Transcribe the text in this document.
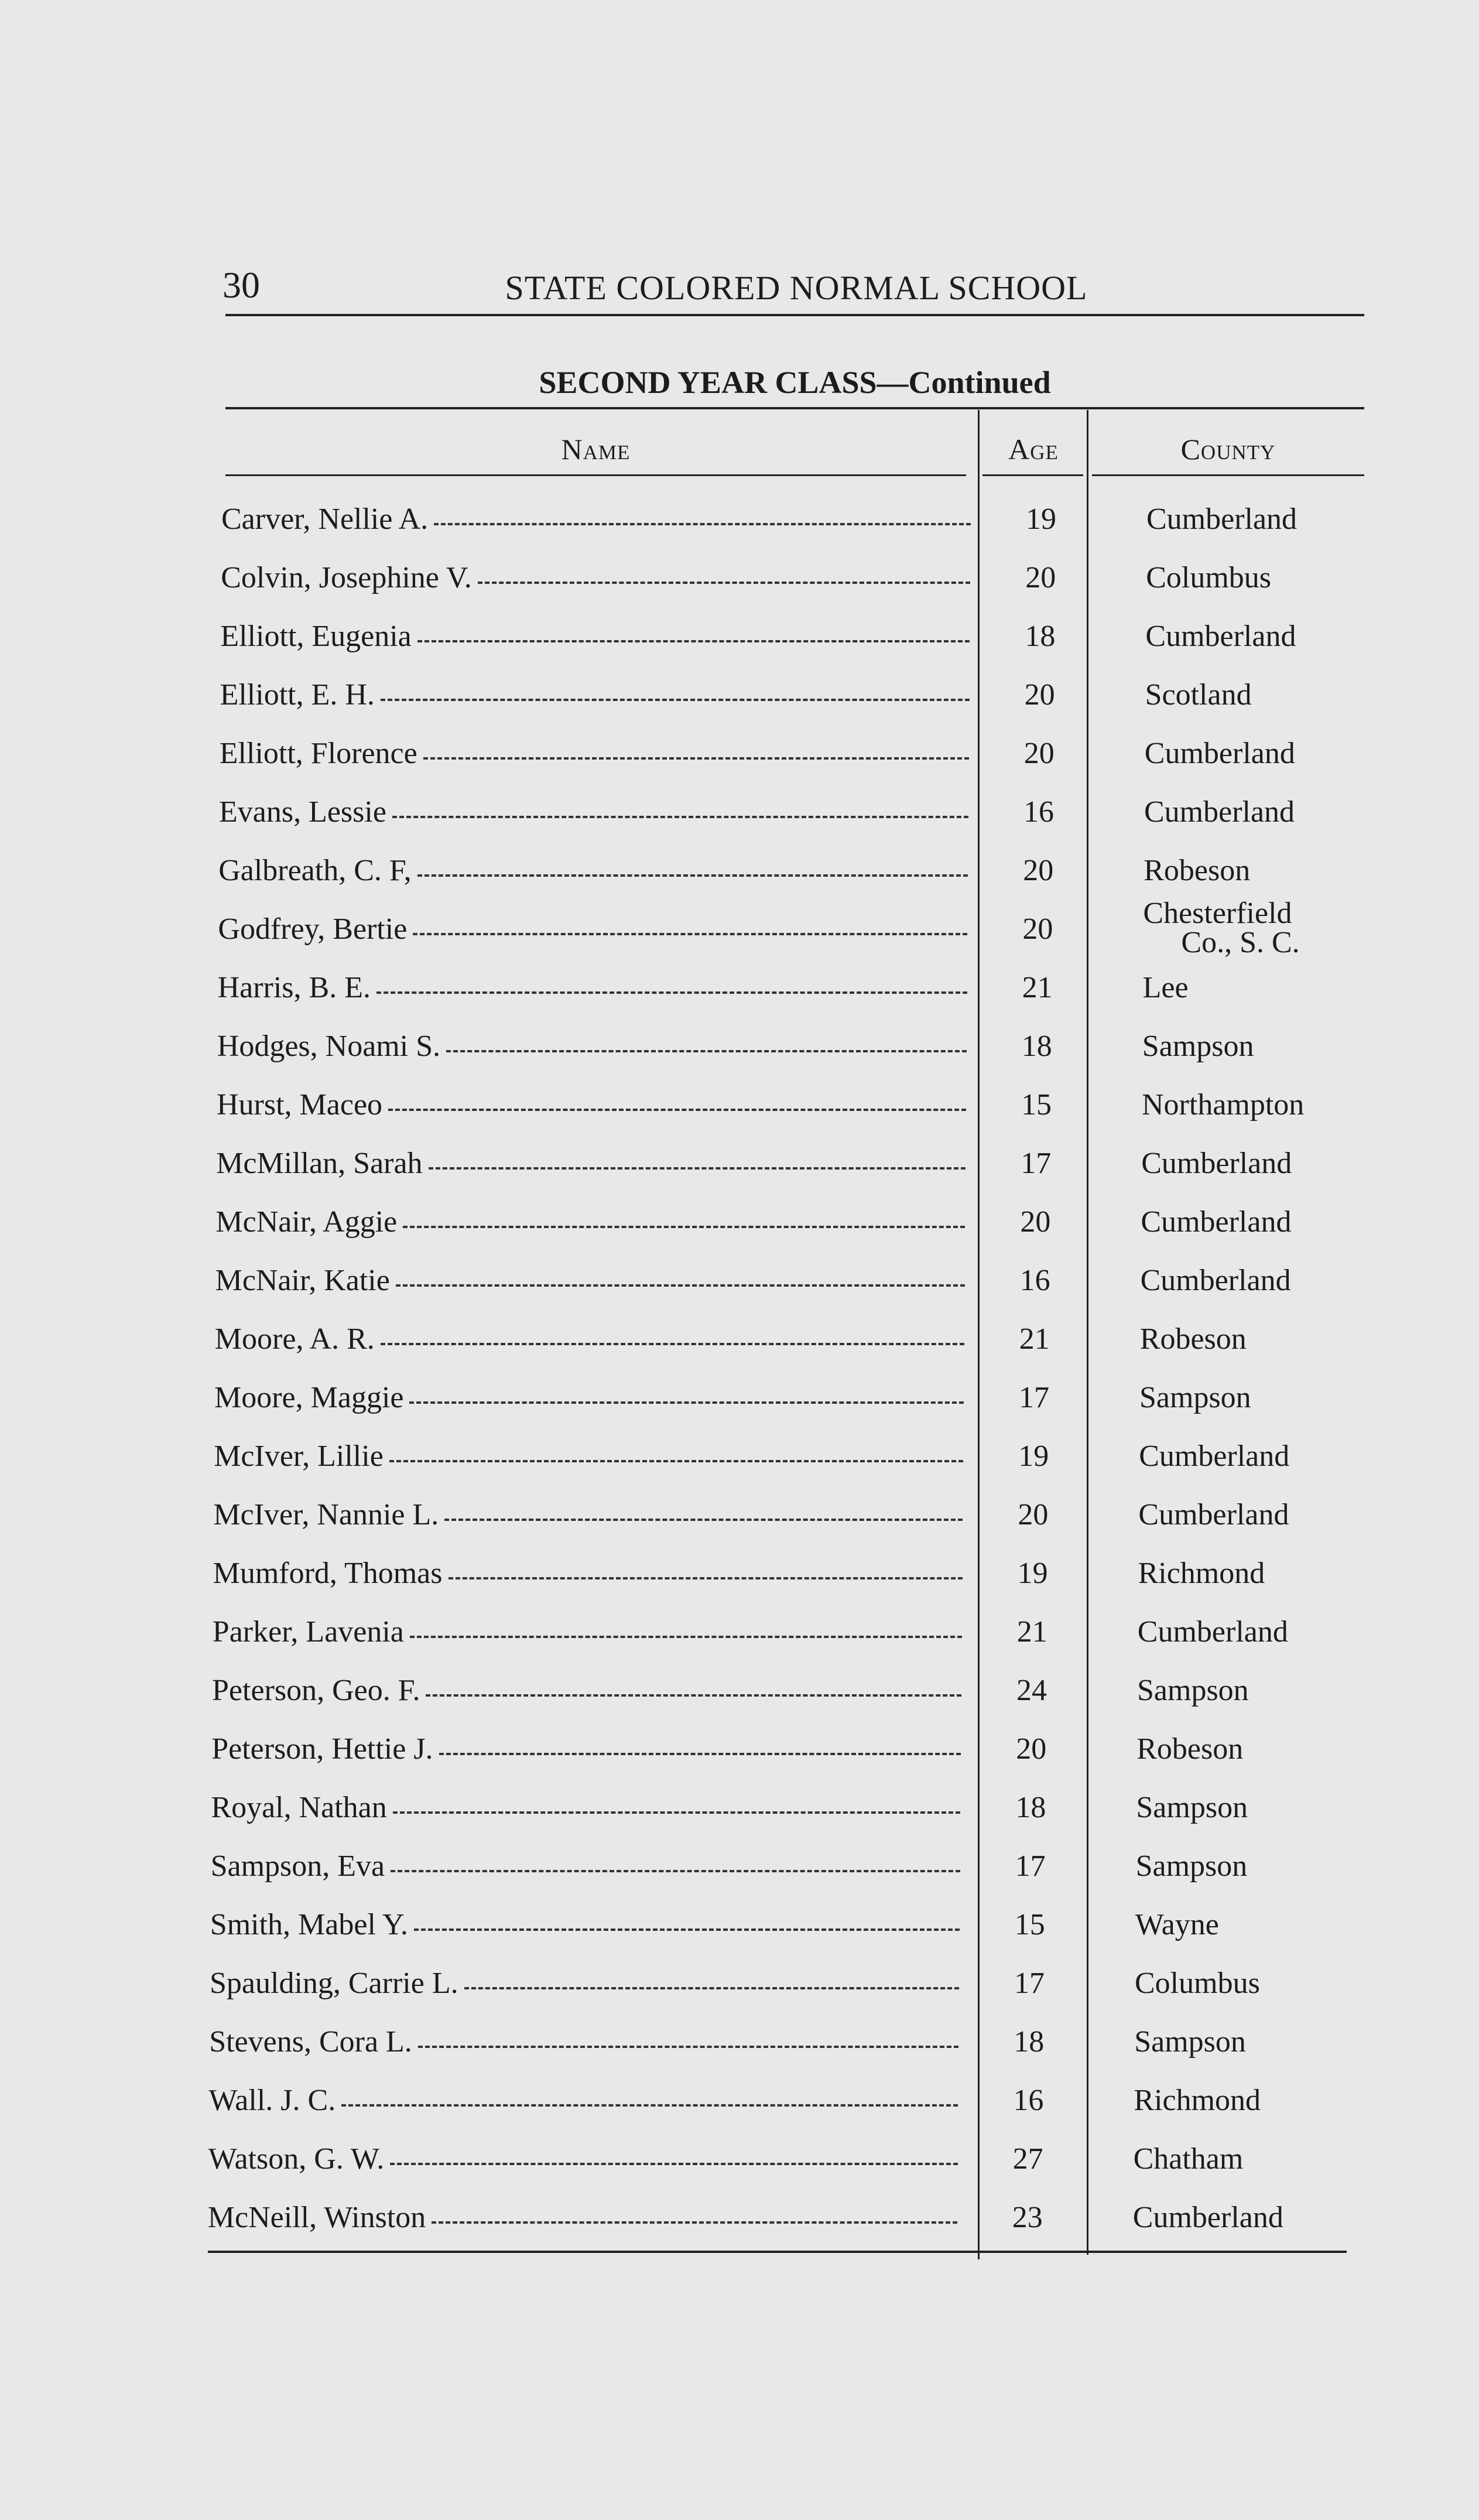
30	STATE COLORED NORMAL SCHOOL
SECOND YEAR CLASS—Continued
Name	Age	County
Carver, Nellie A.	19	Cumberland
Colvin, Josephine V.	20	Columbus
Elliott, Eugenia	18	Cumberland
Elliott, E. H.	20	Scotland
Elliott, Florence	20	Cumberland
Evans, Lessie	16	Cumberland
Galbreath, C. F,	20	Robeson
Godfrey, Bertie	20	Chesterfield
Co., S. C.
Harris, B. E.	21	Lee
Hodges, Noami S.	18	Sampson
Hurst, Maceo	15	Northampton
McMillan, Sarah	17	Cumberland
McNair, Aggie	20	Cumberland
McNair, Katie	16	Cumberland
Moore, A. R.	21	Robeson
Moore, Maggie	17	Sampson
McIver, Lillie	19	Cumberland
McIver, Nannie L.	20	Cumberland
Mumford, Thomas	19	Richmond
Parker, Lavenia	21	Cumberland
Peterson, Geo. F.	24	Sampson
Peterson, Hettie J.	20	Robeson
Royal, Nathan	18	Sampson
Sampson, Eva	17	Sampson
Smith, Mabel Y.	15	Wayne
Spaulding, Carrie L.	17	Columbus
Stevens, Cora L.	18	Sampson
Wall. J. C.	16	Richmond
Watson, G. W.	27	Chatham
McNeill, Winston	23	Cumberland
